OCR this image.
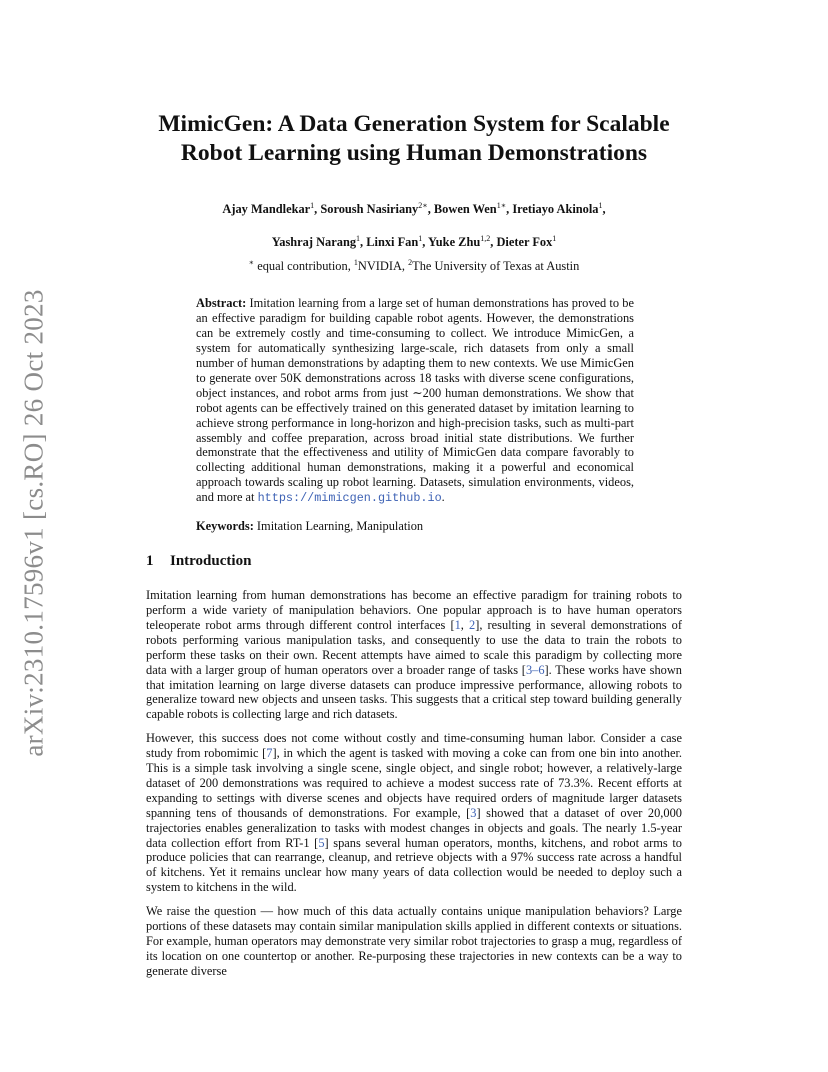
arXiv:2310.17596v1 [cs.RO] 26 Oct 2023
MimicGen: A Data Generation System for Scalable
Robot Learning using Human Demonstrations
Ajay Mandlekar$^1$, Soroush Nasiriany$^{2∗}$, Bowen Wen$^{1∗}$, Iretiayo Akinola$^1$,
Yashraj Narang$^1$, Linxi Fan$^1$, Yuke Zhu$^{1,2}$, Dieter Fox$^1$
∗ equal contribution, $^1$NVIDIA, $^2$The University of Texas at Austin
Abstract: Imitation learning from a large set of human demonstrations has proved to be an effective paradigm for building capable robot agents. However, the demonstrations can be extremely costly and time-consuming to collect. We introduce MimicGen, a system for automatically synthesizing large-scale, rich datasets from only a small number of human demonstrations by adapting them to new contexts. We use MimicGen to generate over 50K demonstrations across 18 tasks with diverse scene configurations, object instances, and robot arms from just ∼200 human demonstrations. We show that robot agents can be effectively trained on this generated dataset by imitation learning to achieve strong performance in long-horizon and high-precision tasks, such as multi-part assembly and coffee preparation, across broad initial state distributions. We further demonstrate that the effectiveness and utility of MimicGen data compare favorably to collecting additional human demonstrations, making it a powerful and economical approach towards scaling up robot learning. Datasets, simulation environments, videos, and more at https://mimicgen.github.io.
Keywords: Imitation Learning, Manipulation
1 Introduction

Imitation learning from human demonstrations has become an effective paradigm for training robots to perform a wide variety of manipulation behaviors. One popular approach is to have human operators teleoperate robot arms through different control interfaces [1, 2], resulting in several demonstrations of robots performing various manipulation tasks, and consequently to use the data to train the robots to perform these tasks on their own. Recent attempts have aimed to scale this paradigm by collecting more data with a larger group of human operators over a broader range of tasks [3–6]. These works have shown that imitation learning on large diverse datasets can produce impressive performance, allowing robots to generalize toward new objects and unseen tasks. This suggests that a critical step toward building generally capable robots is collecting large and rich datasets.

However, this success does not come without costly and time-consuming human labor. Consider a case study from robomimic [7], in which the agent is tasked with moving a coke can from one bin into another. This is a simple task involving a single scene, single object, and single robot; however, a relatively-large dataset of 200 demonstrations was required to achieve a modest success rate of 73.3%. Recent efforts at expanding to settings with diverse scenes and objects have required orders of magnitude larger datasets spanning tens of thousands of demonstrations. For example, [3] showed that a dataset of over 20,000 trajectories enables generalization to tasks with modest changes in objects and goals. The nearly 1.5-year data collection effort from RT-1 [5] spans several human operators, months, kitchens, and robot arms to produce policies that can rearrange, cleanup, and retrieve objects with a 97% success rate across a handful of kitchens. Yet it remains unclear how many years of data collection would be needed to deploy such a system to kitchens in the wild.

We raise the question — how much of this data actually contains unique manipulation behaviors? Large portions of these datasets may contain similar manipulation skills applied in different contexts or situations. For example, human operators may demonstrate very similar robot trajectories to grasp a mug, regardless of its location on one countertop or another. Re-purposing these trajectories in new contexts can be a way to generate diverse
